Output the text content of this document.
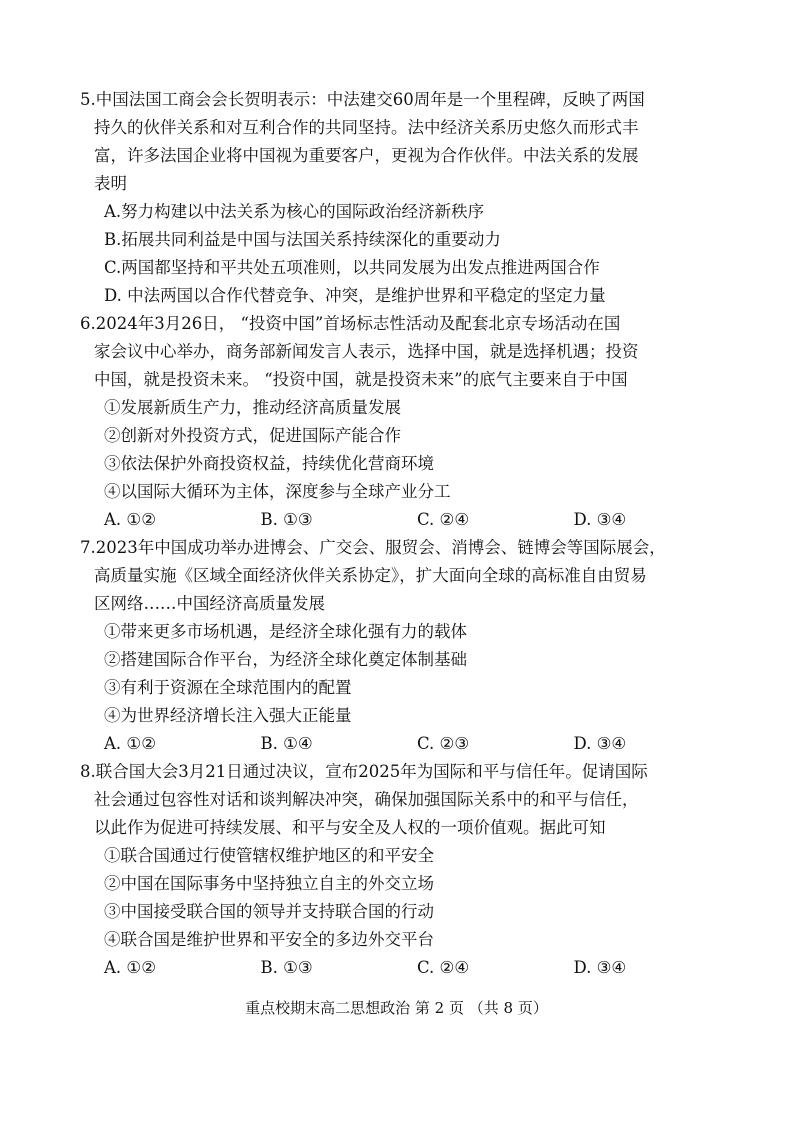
5.中国法国工商会会长贺明表示：中法建交60周年是一个里程碑，反映了两国
持久的伙伴关系和对互利合作的共同坚持。法中经济关系历史悠久而形式丰
富，许多法国企业将中国视为重要客户，更视为合作伙伴。中法关系的发展
表明
A.努力构建以中法关系为核心的国际政治经济新秩序
B.拓展共同利益是中国与法国关系持续深化的重要动力
C.两国都坚持和平共处五项准则，以共同发展为出发点推进两国合作
D. 中法两国以合作代替竞争、冲突，是维护世界和平稳定的坚定力量
6.2024年3月26日， “投资中国”首场标志性活动及配套北京专场活动在国
家会议中心举办，商务部新闻发言人表示，选择中国，就是选择机遇；投资
中国，就是投资未来。 “投资中国，就是投资未来”的底气主要来自于中国
①发展新质生产力，推动经济高质量发展
②创新对外投资方式，促进国际产能合作
③依法保护外商投资权益，持续优化营商环境
④以国际大循环为主体，深度参与全球产业分工
A. ①②	B. ①③	C. ②④	D. ③④
7.2023年中国成功举办进博会、广交会、服贸会、消博会、链博会等国际展会，
高质量实施《区域全面经济伙伴关系协定》，扩大面向全球的高标准自由贸易
区网络……中国经济高质量发展
①带来更多市场机遇，是经济全球化强有力的载体
②搭建国际合作平台，为经济全球化奠定体制基础
③有利于资源在全球范围内的配置
④为世界经济增长注入强大正能量
A. ①②	B. ①④	C. ②③	D. ③④
8.联合国大会3月21日通过决议，宣布2025年为国际和平与信任年。促请国际
社会通过包容性对话和谈判解决冲突，确保加强国际关系中的和平与信任，
以此作为促进可持续发展、和平与安全及人权的一项价值观。据此可知
①联合国通过行使管辖权维护地区的和平安全
②中国在国际事务中坚持独立自主的外交立场
③中国接受联合国的领导并支持联合国的行动
④联合国是维护世界和平安全的多边外交平台
A. ①②	B. ①③	C. ②④	D. ③④
重点校期末高二思想政治 第 2 页 （共 8 页）
